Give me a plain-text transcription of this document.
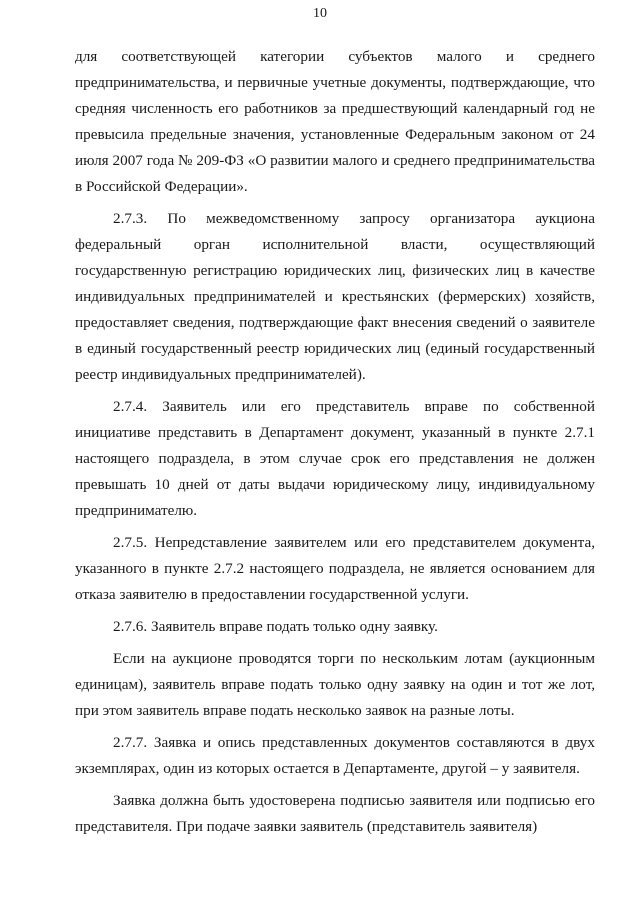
10

для соответствующей категории субъектов малого и среднего предпринимательства, и первичные учетные документы, подтверждающие, что средняя численность его работников за предшествующий календарный год не превысила предельные значения, установленные Федеральным законом от 24 июля 2007 года № 209-ФЗ «О развитии малого и среднего предпринимательства в Российской Федерации».

2.7.3. По межведомственному запросу организатора аукциона федеральный орган исполнительной власти, осуществляющий государственную регистрацию юридических лиц, физических лиц в качестве индивидуальных предпринимателей и крестьянских (фермерских) хозяйств, предоставляет сведения, подтверждающие факт внесения сведений о заявителе в единый государственный реестр юридических лиц (единый государственный реестр индивидуальных предпринимателей).

2.7.4. Заявитель или его представитель вправе по собственной инициативе представить в Департамент документ, указанный в пункте 2.7.1 настоящего подраздела, в этом случае срок его представления не должен превышать 10 дней от даты выдачи юридическому лицу, индивидуальному предпринимателю.

2.7.5. Непредставление заявителем или его представителем документа, указанного в пункте 2.7.2 настоящего подраздела, не является основанием для отказа заявителю в предоставлении государственной услуги.

2.7.6. Заявитель вправе подать только одну заявку.

Если на аукционе проводятся торги по нескольким лотам (аукционным единицам), заявитель вправе подать только одну заявку на один и тот же лот, при этом заявитель вправе подать несколько заявок на разные лоты.

2.7.7. Заявка и опись представленных документов составляются в двух экземплярах, один из которых остается в Департаменте, другой – у заявителя.

Заявка должна быть удостоверена подписью заявителя или подписью его представителя. При подаче заявки заявитель (представитель заявителя)
